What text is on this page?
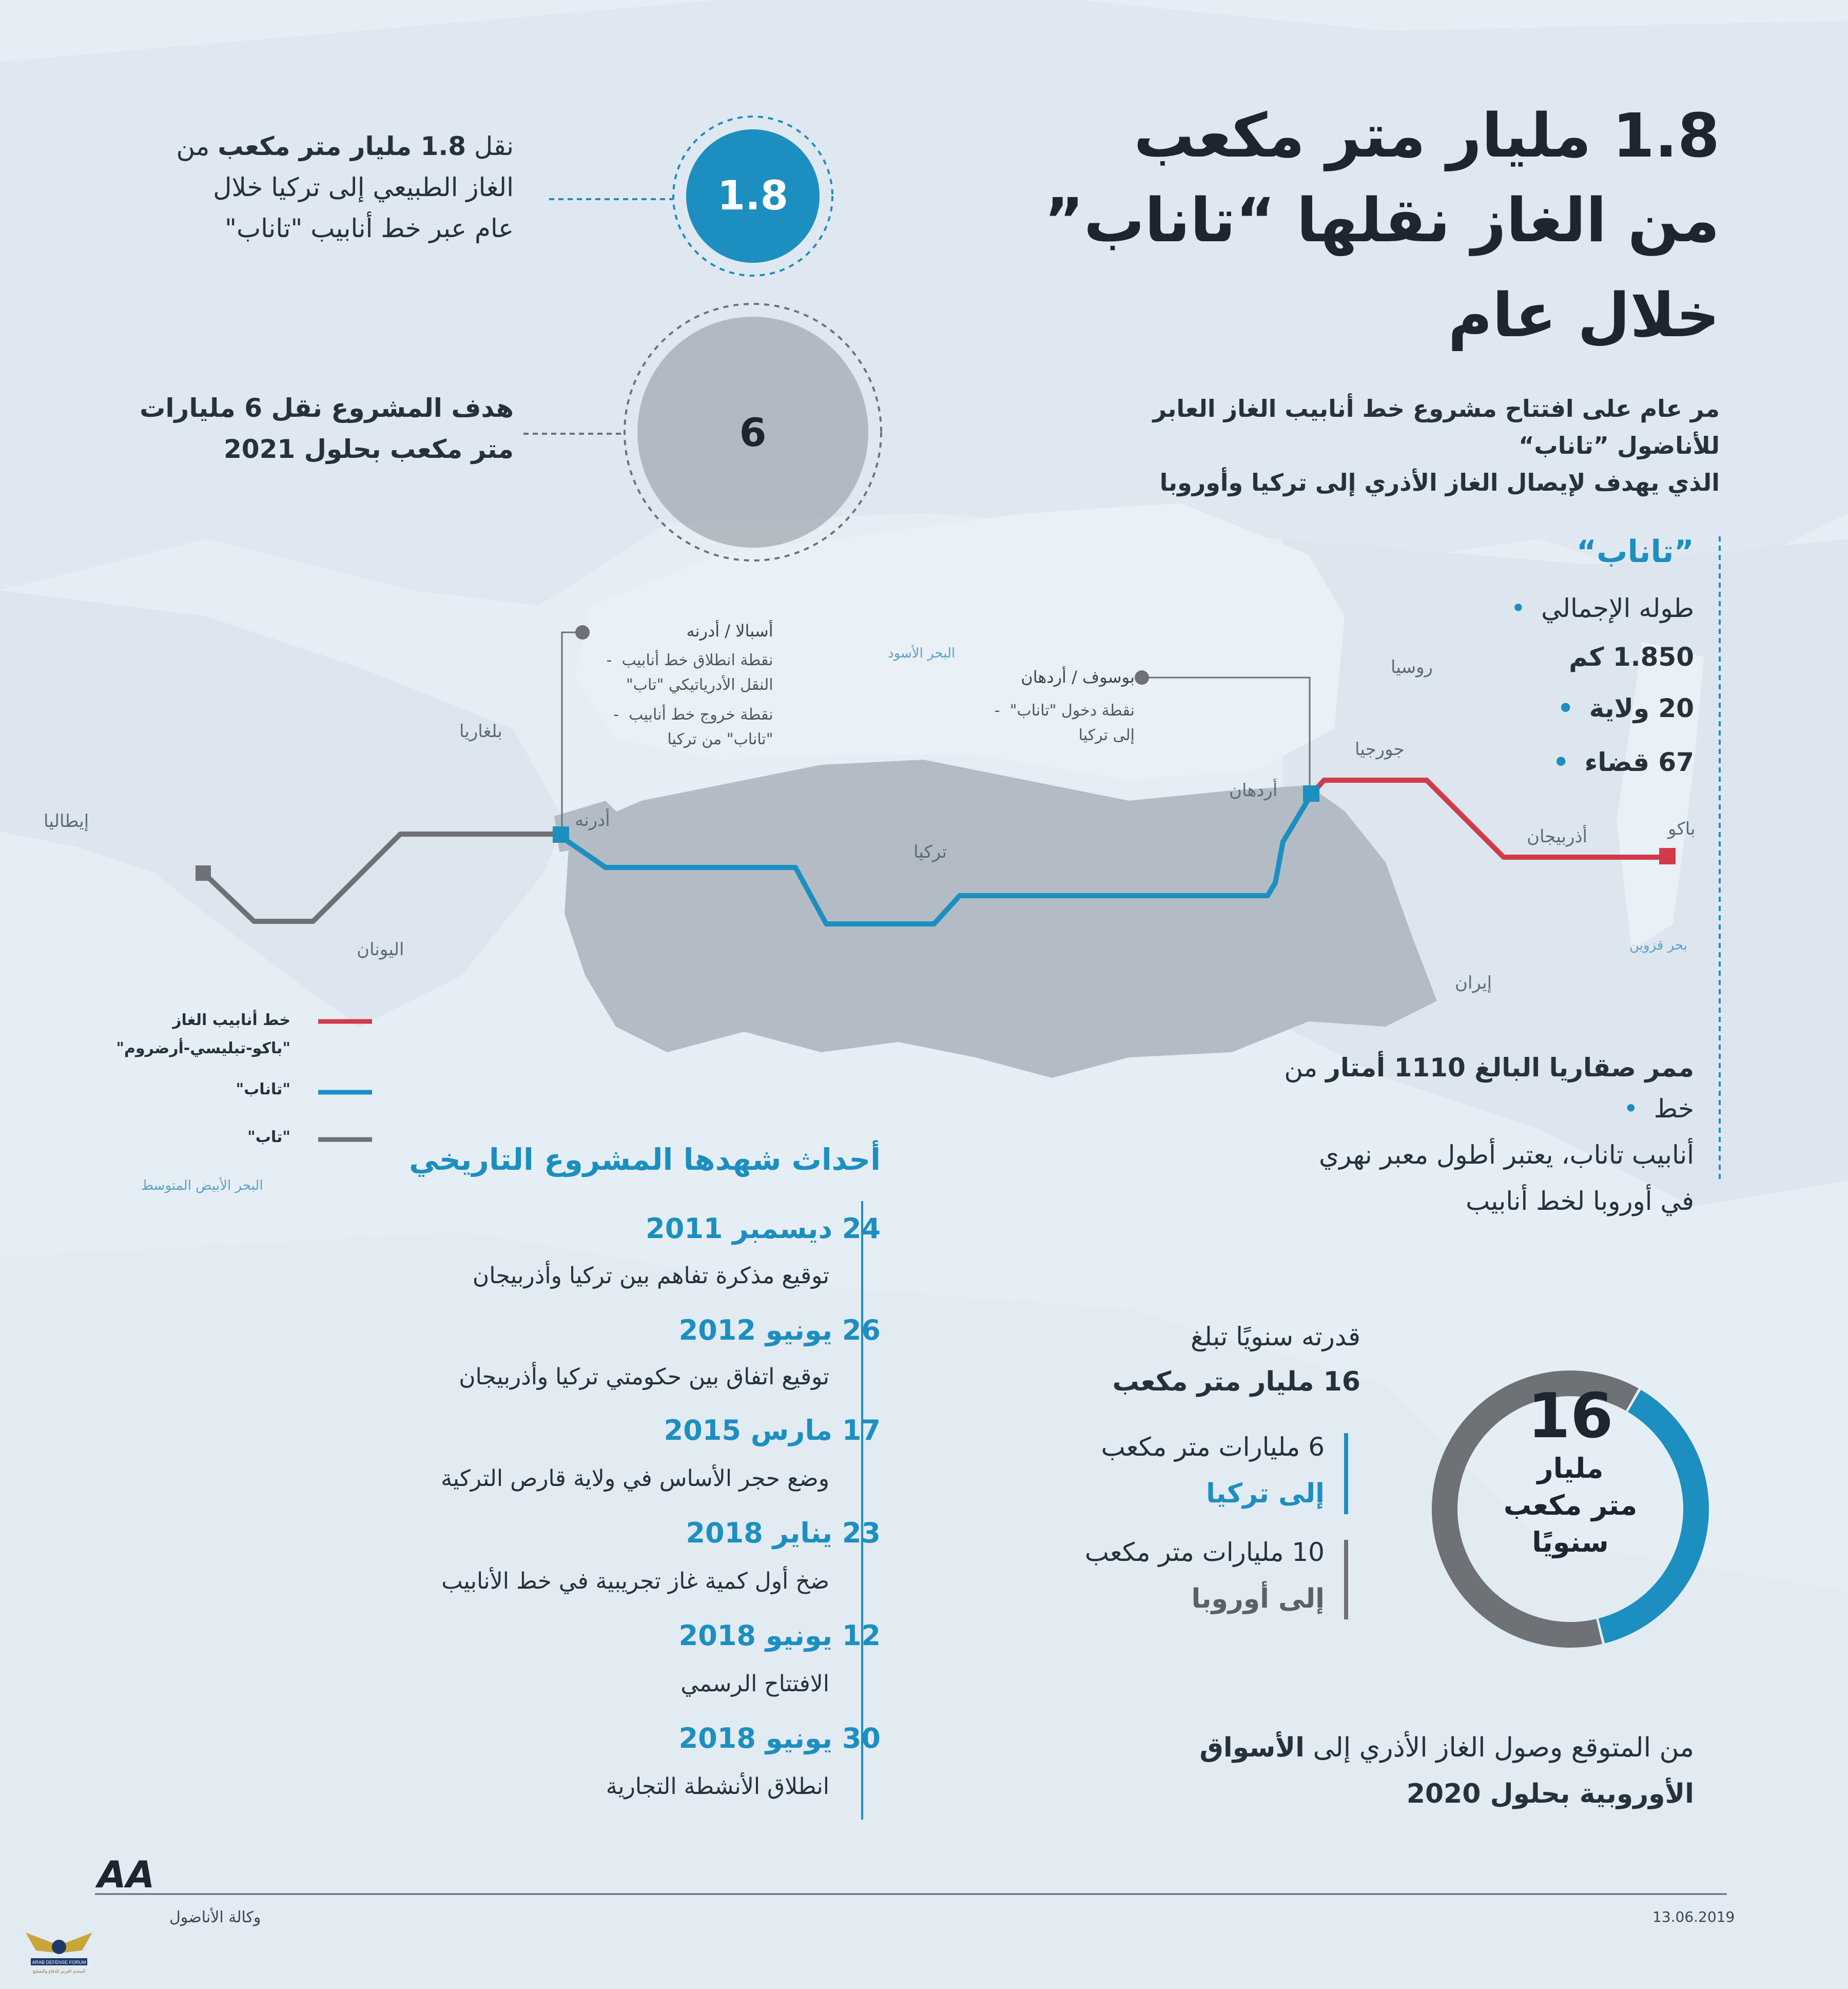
1.8 مليار متر مكعب
من الغاز نقلها “تاناب”
خلال عام
مر عام على افتتاح مشروع خط أنابيب الغاز العابر للأناضول ”تاناب“
الذي يهدف لإيصال الغاز الأذري إلى تركيا وأوروبا
1.8
نقل 1.8 مليار متر مكعب من
الغاز الطبيعي إلى تركيا خلال
عام عبر خط أنابيب "تاناب"
6
هدف المشروع نقل 6 مليارات
متر مكعب بحلول 2021
روسيا
جورجيا
أذربيجان
إيران
تركيا
بلغاريا
اليونان
إيطاليا
البحر الأسود
بحر قزوين
البحر الأبيض المتوسط
باكو
أردهان
أدرنه
أسبالا / أدرنه
نقطة انطلاق خط أنابيب  -
النقل الأدرياتيكي "تاب"
نقطة خروج خط أنابيب  -
"تاناب" من تركيا
بوسوف / أردهان
نقطة دخول "تاناب"  -
إلى تركيا
”تاناب“
طوله الإجمالي •
1.850 كم
20 ولاية •
67 قضاء •
ممر صقاريا البالغ 1110 أمتار من خط •
أنابيب تاناب، يعتبر أطول معبر نهري
في أوروبا لخط أنابيب
خط أنابيب الغاز
"باكو-تبليسي-أرضروم"
"تاناب"
"تاب"
أحداث شهدها المشروع التاريخي
24 ديسمبر 2011
توقيع مذكرة تفاهم بين تركيا وأذربيجان
26 يونيو 2012
توقيع اتفاق بين حكومتي تركيا وأذربيجان
17 مارس 2015
وضع حجر الأساس في ولاية قارص التركية
23 يناير 2018
ضخ أول كمية غاز تجريبية في خط الأنابيب
12 يونيو 2018
الافتتاح الرسمي
30 يونيو 2018
انطلاق الأنشطة التجارية
قدرته سنويًا تبلغ
16 مليار متر مكعب
6 مليارات متر مكعب
إلى تركيا
10 مليارات متر مكعب
إلى أوروبا
16
مليار
متر مكعب
سنويًا
من المتوقع وصول الغاز الأذري إلى الأسواق
الأوروبية بحلول 2020
AA
وكالة الأناضول	13.06.2019
ARAB DEFENSE FORUM
المنتدى العربي للدفاع والتسليح
